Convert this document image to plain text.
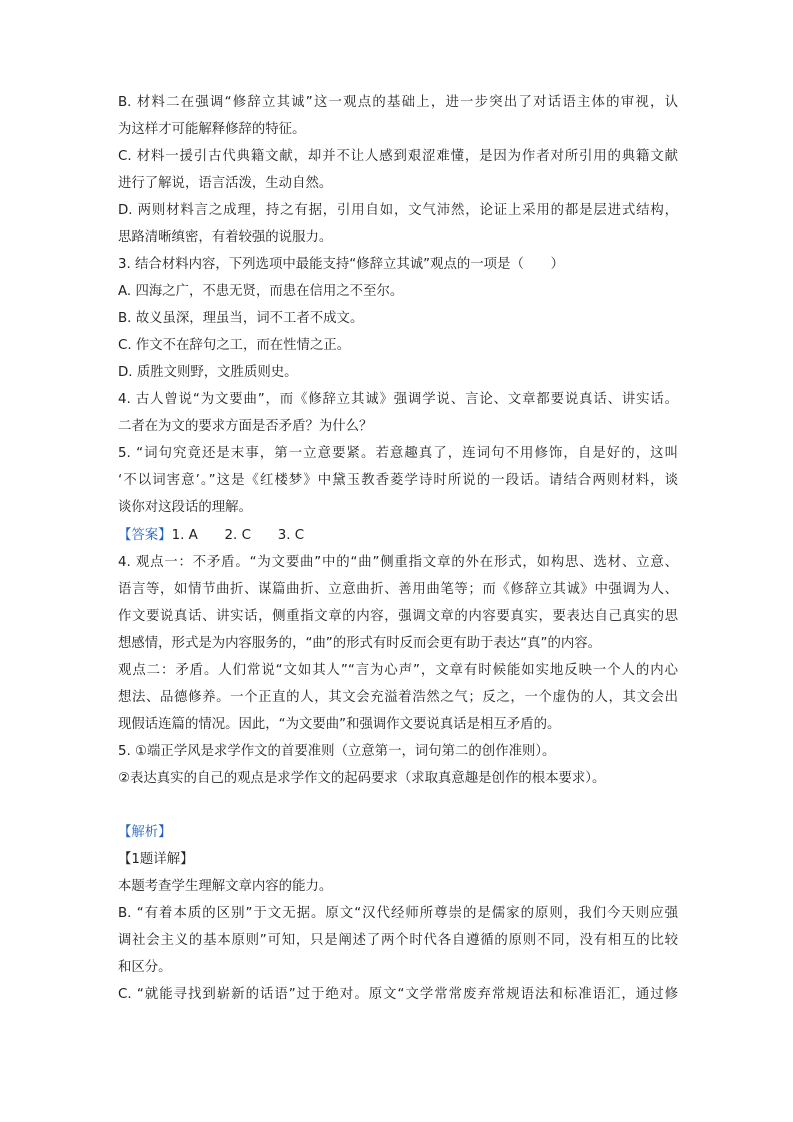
B. 材料二在强调“修辞立其诚”这一观点的基础上，进一步突出了对话语主体的审视，认
为这样才可能解释修辞的特征。
C. 材料一援引古代典籍文献，却并不让人感到艰涩难懂，是因为作者对所引用的典籍文献
进行了解说，语言活泼，生动自然。
D. 两则材料言之成理，持之有据，引用自如，文气沛然，论证上采用的都是层进式结构，
思路清晰缜密，有着较强的说服力。
3. 结合材料内容，下列选项中最能支持“修辞立其诚”观点的一项是（　　）
A. 四海之广，不患无贤，而患在信用之不至尔。
B. 故义虽深，理虽当，词不工者不成文。
C. 作文不在辞句之工，而在性情之正。
D. 质胜文则野，文胜质则史。
4. 古人曾说“为文要曲”，而《修辞立其诚》强调学说、言论、文章都要说真话、讲实话。
二者在为文的要求方面是否矛盾？为什么？
5. “词句究竟还是末事，第一立意要紧。若意趣真了，连词句不用修饰，自是好的，这叫
‘不以词害意’。”这是《红楼梦》中黛玉教香菱学诗时所说的一段话。请结合两则材料，谈
谈你对这段话的理解。
【答案】1. A　　2. C　　3. C
4. 观点一：不矛盾。“为文要曲”中的“曲”侧重指文章的外在形式，如构思、选材、立意、
语言等，如情节曲折、谋篇曲折、立意曲折、善用曲笔等；而《修辞立其诚》中强调为人、
作文要说真话、讲实话，侧重指文章的内容，强调文章的内容要真实，要表达自己真实的思
想感情，形式是为内容服务的，“曲”的形式有时反而会更有助于表达“真”的内容。
观点二：矛盾。人们常说“文如其人”“言为心声”，文章有时候能如实地反映一个人的内心
想法、品德修养。一个正直的人，其文会充溢着浩然之气；反之，一个虚伪的人，其文会出
现假话连篇的情况。因此，“为文要曲”和强调作文要说真话是相互矛盾的。
5. ①端正学风是求学作文的首要准则（立意第一，词句第二的创作准则）。
②表达真实的自己的观点是求学作文的起码要求（求取真意趣是创作的根本要求）。
【解析】
【1题详解】
本题考查学生理解文章内容的能力。
B. “有着本质的区别”于文无据。原文“汉代经师所尊崇的是儒家的原则，我们今天则应强
调社会主义的基本原则”可知，只是阐述了两个时代各自遵循的原则不同，没有相互的比较
和区分。
C. “就能寻找到崭新的话语”过于绝对。原文“文学常常废弃常规语法和标准语汇，通过修
